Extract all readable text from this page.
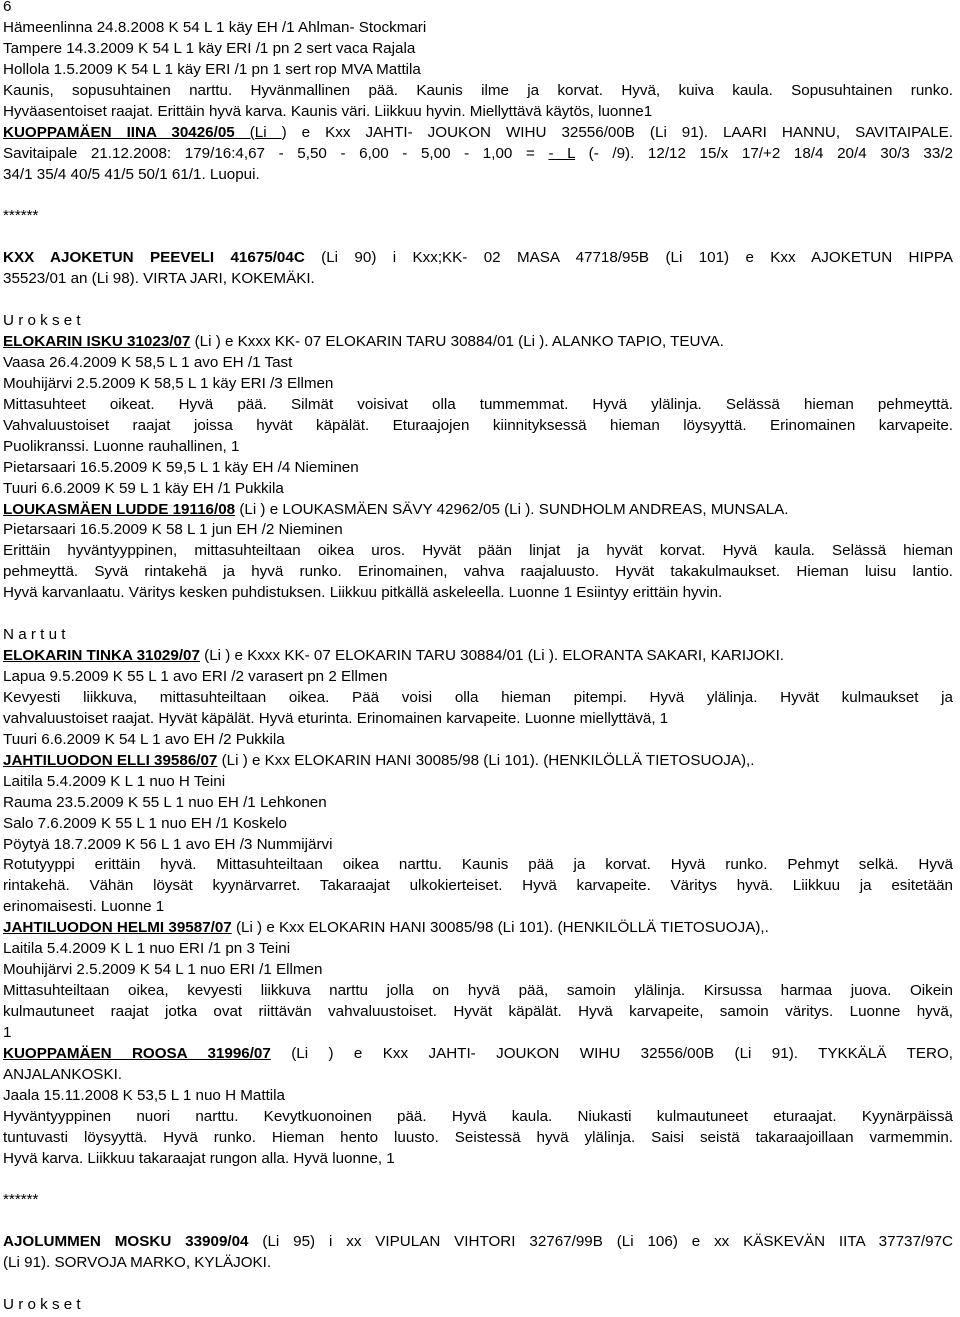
6
Hämeenlinna 24.8.2008 K 54 L 1 käy EH /1 Ahlman- Stockmari
Tampere 14.3.2009 K 54 L 1 käy ERI /1 pn 2 sert vaca Rajala
Hollola 1.5.2009 K 54 L 1 käy ERI /1 pn 1 sert rop MVA Mattila
Kaunis, sopusuhtainen narttu. Hyvänmallinen pää. Kaunis ilme ja korvat. Hyvä, kuiva kaula. Sopusuhtainen runko.
Hyväasentoiset raajat. Erittäin hyvä karva. Kaunis väri. Liikkuu hyvin. Miellyttävä käytös, luonne1
KUOPPAMÄEN IINA 30426/05 (Li ) e Kxx JAHTI- JOUKON WIHU 32556/00B (Li 91). LAARI HANNU, SAVITAIPALE.
Savitaipale 21.12.2008: 179/16:4,67 - 5,50 - 6,00 - 5,00 - 1,00 = - L (- /9). 12/12 15/x 17/+2 18/4 20/4 30/3 33/2
34/1 35/4 40/5 41/5 50/1 61/1. Luopui.
******
KXX AJOKETUN PEEVELI 41675/04C (Li 90) i Kxx;KK- 02 MASA 47718/95B (Li 101) e Kxx AJOKETUN HIPPA
35523/01 an (Li 98). VIRTA JARI, KOKEMÄKI.
U r o k s e t
ELOKARIN ISKU 31023/07 (Li ) e Kxxx KK- 07 ELOKARIN TARU 30884/01 (Li ). ALANKO TAPIO, TEUVA.
Vaasa 26.4.2009 K 58,5 L 1 avo EH /1 Tast
Mouhijärvi 2.5.2009 K 58,5 L 1 käy ERI /3 Ellmen
Mittasuhteet oikeat. Hyvä pää. Silmät voisivat olla tummemmat. Hyvä ylälinja. Selässä hieman pehmeyttä.
Vahvaluustoiset raajat joissa hyvät käpälät. Eturaajojen kiinnityksessä hieman löysyyttä. Erinomainen karvapeite.
Puolikranssi. Luonne rauhallinen, 1
Pietarsaari 16.5.2009 K 59,5 L 1 käy EH /4 Nieminen
Tuuri 6.6.2009 K 59 L 1 käy EH /1 Pukkila
LOUKASMÄEN LUDDE 19116/08 (Li ) e LOUKASMÄEN SÄVY 42962/05 (Li ). SUNDHOLM ANDREAS, MUNSALA.
Pietarsaari 16.5.2009 K 58 L 1 jun EH /2 Nieminen
Erittäin hyväntyyppinen, mittasuhteiltaan oikea uros. Hyvät pään linjat ja hyvät korvat. Hyvä kaula. Selässä hieman
pehmeyttä. Syvä rintakehä ja hyvä runko. Erinomainen, vahva raajaluusto. Hyvät takakulmaukset. Hieman luisu lantio.
Hyvä karvanlaatu. Väritys kesken puhdistuksen. Liikkuu pitkällä askeleella. Luonne 1 Esiintyy erittäin hyvin.
N a r t u t
ELOKARIN TINKA 31029/07 (Li ) e Kxxx KK- 07 ELOKARIN TARU 30884/01 (Li ). ELORANTA SAKARI, KARIJOKI.
Lapua 9.5.2009 K 55 L 1 avo ERI /2 varasert pn 2 Ellmen
Kevyesti liikkuva, mittasuhteiltaan oikea. Pää voisi olla hieman pitempi. Hyvä ylälinja. Hyvät kulmaukset ja
vahvaluustoiset raajat. Hyvät käpälät. Hyvä eturinta. Erinomainen karvapeite. Luonne miellyttävä, 1
Tuuri 6.6.2009 K 54 L 1 avo EH /2 Pukkila
JAHTILUODON ELLI 39586/07 (Li ) e Kxx ELOKARIN HANI 30085/98 (Li 101). (HENKILÖLLÄ TIETOSUOJA),.
Laitila 5.4.2009 K L 1 nuo H Teini
Rauma 23.5.2009 K 55 L 1 nuo EH /1 Lehkonen
Salo 7.6.2009 K 55 L 1 nuo EH /1 Koskelo
Pöytyä 18.7.2009 K 56 L 1 avo EH /3 Nummijärvi
Rotutyyppi erittäin hyvä. Mittasuhteiltaan oikea narttu. Kaunis pää ja korvat. Hyvä runko. Pehmyt selkä. Hyvä
rintakehä. Vähän löysät kyynärvarret. Takaraajat ulkokierteiset. Hyvä karvapeite. Väritys hyvä. Liikkuu ja esitetään
erinomaisesti. Luonne 1
JAHTILUODON HELMI 39587/07 (Li ) e Kxx ELOKARIN HANI 30085/98 (Li 101). (HENKILÖLLÄ TIETOSUOJA),.
Laitila 5.4.2009 K L 1 nuo ERI /1 pn 3 Teini
Mouhijärvi 2.5.2009 K 54 L 1 nuo ERI /1 Ellmen
Mittasuhteiltaan oikea, kevyesti liikkuva narttu jolla on hyvä pää, samoin ylälinja. Kirsussa harmaa juova. Oikein
kulmautuneet raajat jotka ovat riittävän vahvaluustoiset. Hyvät käpälät. Hyvä karvapeite, samoin väritys. Luonne hyvä,
1
KUOPPAMÄEN ROOSA 31996/07 (Li ) e Kxx JAHTI- JOUKON WIHU 32556/00B (Li 91). TYKKÄLÄ TERO,
ANJALANKOSKI.
Jaala 15.11.2008 K 53,5 L 1 nuo H Mattila
Hyväntyyppinen nuori narttu. Kevytkuonoinen pää. Hyvä kaula. Niukasti kulmautuneet eturaajat. Kyynärpäissä
tuntuvasti löysyyttä. Hyvä runko. Hieman hento luusto. Seistessä hyvä ylälinja. Saisi seistä takaraajoillaan varmemmin.
Hyvä karva. Liikkuu takaraajat rungon alla. Hyvä luonne, 1
******
AJOLUMMEN MOSKU 33909/04 (Li 95) i xx VIPULAN VIHTORI 32767/99B (Li 106) e xx KÄSKEVÄN IITA 37737/97C
(Li 91). SORVOJA MARKO, KYLÄJOKI.
U r o k s e t
